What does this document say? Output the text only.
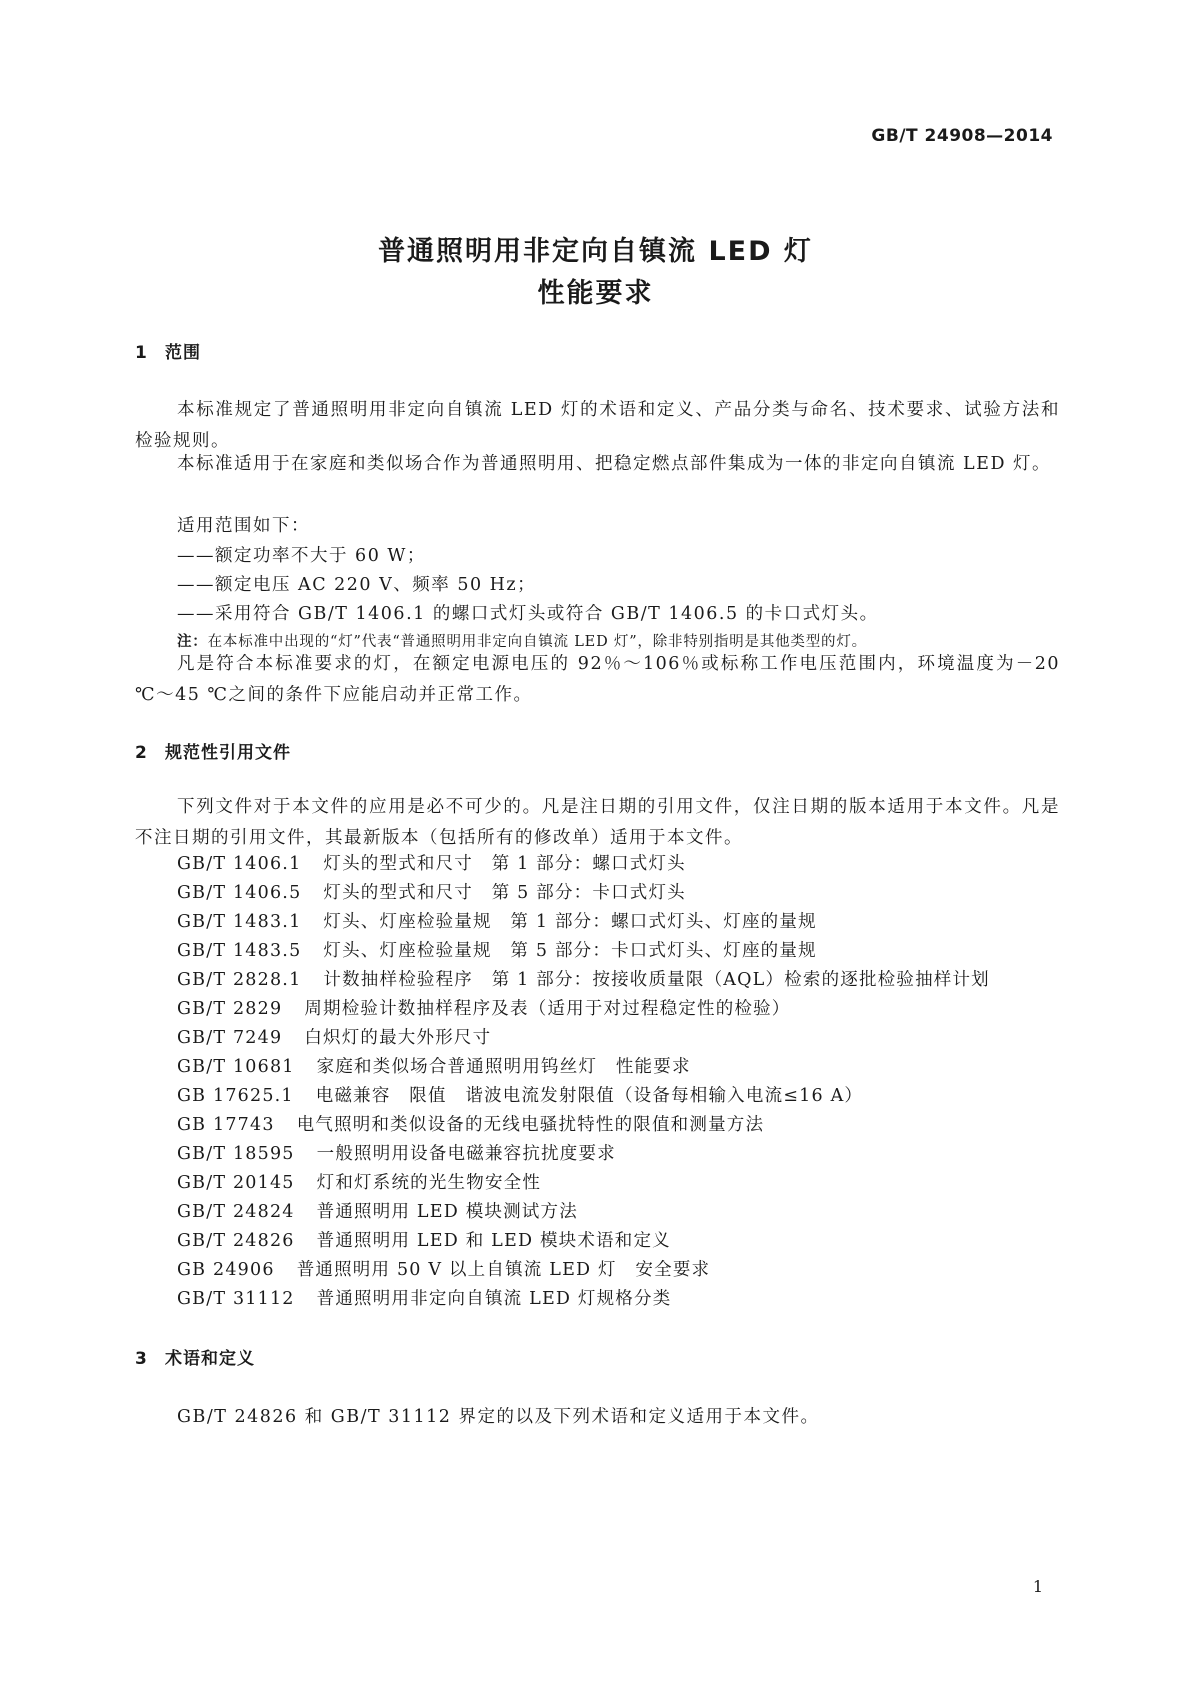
GB/T 24908—2014
普通照明用非定向自镇流 LED 灯
性能要求
1 范围

本标准规定了普通照明用非定向自镇流 LED 灯的术语和定义、产品分类与命名、技术要求、试验方法和检验规则。

本标准适用于在家庭和类似场合作为普通照明用、把稳定燃点部件集成为一体的非定向自镇流 LED 灯。

适用范围如下：
——额定功率不大于 60 W；
——额定电压 AC 220 V、频率 50 Hz；
——采用符合 GB/T 1406.1 的螺口式灯头或符合 GB/T 1406.5 的卡口式灯头。
注：在本标准中出现的“灯”代表“普通照明用非定向自镇流 LED 灯”，除非特别指明是其他类型的灯。

凡是符合本标准要求的灯，在额定电源电压的 92％～106％或标称工作电压范围内，环境温度为－20 ℃～45 ℃之间的条件下应能启动并正常工作。

2 规范性引用文件

下列文件对于本文件的应用是必不可少的。凡是注日期的引用文件，仅注日期的版本适用于本文件。凡是不注日期的引用文件，其最新版本（包括所有的修改单）适用于本文件。

GB/T 1406.1 灯头的型式和尺寸　第 1 部分：螺口式灯头
GB/T 1406.5 灯头的型式和尺寸　第 5 部分：卡口式灯头
GB/T 1483.1 灯头、灯座检验量规　第 1 部分：螺口式灯头、灯座的量规
GB/T 1483.5 灯头、灯座检验量规　第 5 部分：卡口式灯头、灯座的量规
GB/T 2828.1 计数抽样检验程序　第 1 部分：按接收质量限（AQL）检索的逐批检验抽样计划
GB/T 2829 周期检验计数抽样程序及表（适用于对过程稳定性的检验）
GB/T 7249 白炽灯的最大外形尺寸
GB/T 10681 家庭和类似场合普通照明用钨丝灯　性能要求
GB 17625.1 电磁兼容　限值　谐波电流发射限值（设备每相输入电流≤16 A）
GB 17743 电气照明和类似设备的无线电骚扰特性的限值和测量方法
GB/T 18595 一般照明用设备电磁兼容抗扰度要求
GB/T 20145 灯和灯系统的光生物安全性
GB/T 24824 普通照明用 LED 模块测试方法
GB/T 24826 普通照明用 LED 和 LED 模块术语和定义
GB 24906 普通照明用 50 V 以上自镇流 LED 灯　安全要求
GB/T 31112 普通照明用非定向自镇流 LED 灯规格分类
3 术语和定义
GB/T 24826 和 GB/T 31112 界定的以及下列术语和定义适用于本文件。
1
